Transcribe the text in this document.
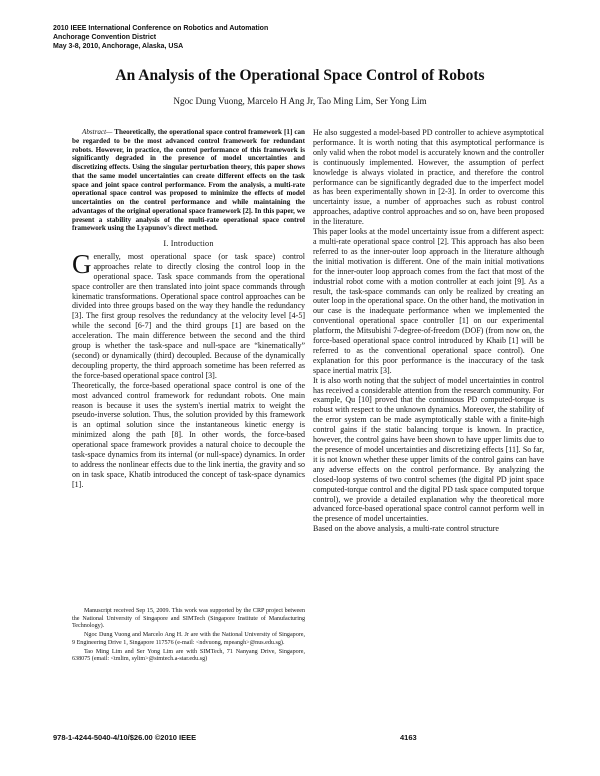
2010 IEEE International Conference on Robotics and Automation
Anchorage Convention District
May 3-8, 2010, Anchorage, Alaska, USA
An Analysis of the Operational Space Control of Robots
Ngoc Dung Vuong, Marcelo H Ang Jr, Tao Ming Lim, Ser Yong Lim

Abstract— Theoretically, the operational space control framework [1] can be regarded to be the most advanced control framework for redundant robots. However, in practice, the control performance of this framework is significantly degraded in the presence of model uncertainties and discretizing effects. Using the singular perturbation theory, this paper shows that the same model uncertainties can create different effects on the task space and joint space control performance. From the analysis, a multi-rate operational space control was proposed to minimize the effects of model uncertainties on the control performance and while maintaining the advantages of the original operational space framework [2]. In this paper, we present a stability analysis of the multi-rate operational space control framework using the Lyapunov's direct method.

I. Introduction

Generally, most operational space (or task space) control approaches relate to directly closing the control loop in the operational space. Task space commands from the operational space controller are then translated into joint space commands through kinematic transformations. Operational space control approaches can be divided into three groups based on the way they handle the redundancy [3]. The first group resolves the redundancy at the velocity level [4-5] while the second [6-7] and the third groups [1] are based on the acceleration. The main difference between the second and the third group is whether the task-space and null-space are “kinematically” (second) or dynamically (third) decoupled. Because of the dynamically decoupling property, the third approach sometime has been referred as the force-based operational space control [3].

Theoretically, the force-based operational space control is one of the most advanced control framework for redundant robots. One main reason is because it uses the system's inertial matrix to weight the pseudo-inverse solution. Thus, the solution provided by this framework is an optimal solution since the instantaneous kinetic energy is minimized along the path [8]. In other words, the force-based operational space framework provides a natural choice to decouple the task-space dynamics from its internal (or null-space) dynamics. In order to address the nonlinear effects due to the link inertia, the gravity and so on in task space, Khatib introduced the concept of task-space dynamics [1].

Manuscript received Sep 15, 2009. This work was supported by the CRP project between the National University of Singapore and SIMTech (Singapore Institute of Manufacturing Technology).

Ngoc Dung Vuong and Marcelo Ang H. Jr are with the National University of Singapore, 9 Engineering Drive 1, Singapore 117576 (e-mail: <ndvuong, mpeangh>@nus.edu.sg).

Tao Ming Lim and Ser Yong Lim are with SIMTech, 71 Nanyang Drive, Singapore, 638075 (email: <tmlim, sylim>@simtech.a-star.edu.sg)

He also suggested a model-based PD controller to achieve asymptotical performance. It is worth noting that this asymptotical performance is only valid when the robot model is accurately known and the controller is continuously implemented. However, the assumption of perfect knowledge is always violated in practice, and therefore the control performance can be significantly degraded due to the imperfect model as has been experimentally shown in [2-3]. In order to overcome this uncertainty issue, a number of approaches such as robust control approaches, adaptive control approaches and so on, have been proposed in the literature.

This paper looks at the model uncertainty issue from a different aspect: a multi-rate operational space control [2]. This approach has also been referred to as the inner-outer loop approach in the literature although the initial motivation is different. One of the main initial motivations for the inner-outer loop approach comes from the fact that most of the industrial robot come with a motion controller at each joint [9]. As a result, the task-space commands can only be realized by creating an outer loop in the operational space. On the other hand, the motivation in our case is the inadequate performance when we implemented the conventional operational space controller [1] on our experimental platform, the Mitsubishi 7-degree-of-freedom (DOF) (from now on, the force-based operational space control introduced by Khaib [1] will be referred to as the conventional operational space control). One explanation for this poor performance is the inaccuracy of the task space inertial matrix [3].

It is also worth noting that the subject of model uncertainties in control has received a considerable attention from the research community. For example, Qu [10] proved that the continuous PD computed-torque is robust with respect to the unknown dynamics. Moreover, the stability of the error system can be made asymptotically stable with a finite-high control gains if the static balancing torque is known. In practice, however, the control gains have been shown to have upper limits due to the presence of model uncertainties and discretizing effects [11]. So far, it is not known whether these upper limits of the control gains can have any adverse effects on the control performance. By analyzing the closed-loop systems of two control schemes (the digital PD joint space computed-torque control and the digital PD task space computed torque control), we provide a detailed explanation why the theoretical more advanced force-based operational space control cannot perform well in the presence of model uncertainties.

Based on the above analysis, a multi-rate control structure

978-1-4244-5040-4/10/$26.00 ©2010 IEEE	4163
